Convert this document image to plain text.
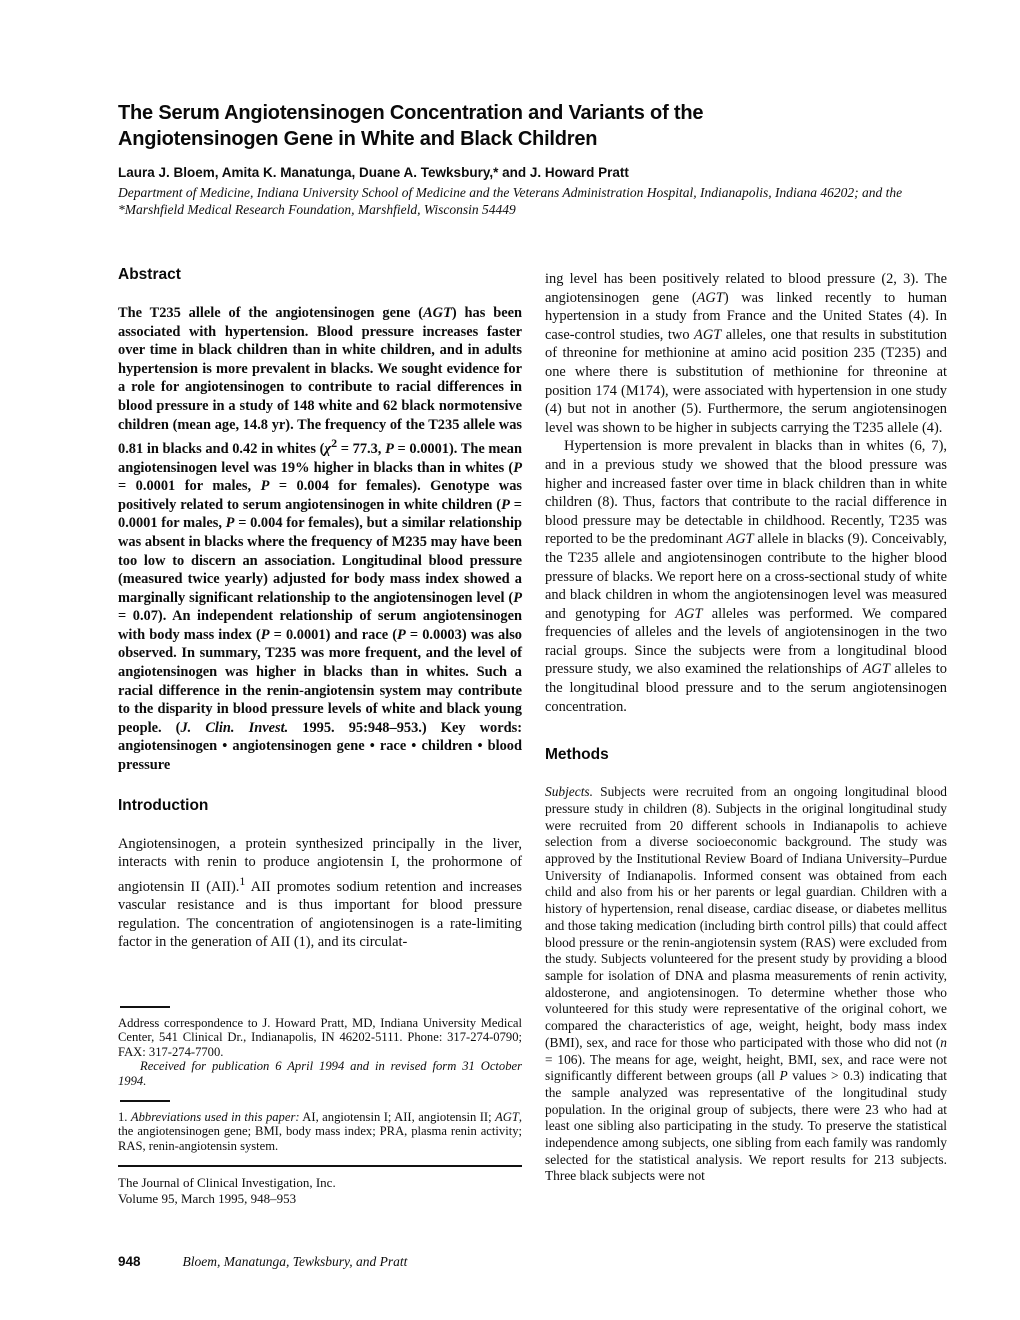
The Serum Angiotensinogen Concentration and Variants of the
Angiotensinogen Gene in White and Black Children
Laura J. Bloem, Amita K. Manatunga, Duane A. Tewksbury,* and J. Howard Pratt
Department of Medicine, Indiana University School of Medicine and the Veterans Administration Hospital, Indianapolis, Indiana 46202; and the *Marshfield Medical Research Foundation, Marshfield, Wisconsin 54449
Abstract

The T235 allele of the angiotensinogen gene (AGT) has been associated with hypertension. Blood pressure increases faster over time in black children than in white children, and in adults hypertension is more prevalent in blacks. We sought evidence for a role for angiotensinogen to contribute to racial differences in blood pressure in a study of 148 white and 62 black normotensive children (mean age, 14.8 yr). The frequency of the T235 allele was 0.81 in blacks and 0.42 in whites ($\chi^2 = 77.3$, P = 0.0001). The mean angiotensinogen level was 19% higher in blacks than in whites (P = 0.0001 for males, P = 0.004 for females). Genotype was positively related to serum angiotensinogen in white children (P = 0.0001 for males, P = 0.004 for females), but a similar relationship was absent in blacks where the frequency of M235 may have been too low to discern an association. Longitudinal blood pressure (measured twice yearly) adjusted for body mass index showed a marginally significant relationship to the angiotensinogen level (P = 0.07). An independent relationship of serum angiotensinogen with body mass index (P = 0.0001) and race (P = 0.0003) was also observed. In summary, T235 was more frequent, and the level of angiotensinogen was higher in blacks than in whites. Such a racial difference in the renin-angiotensin system may contribute to the disparity in blood pressure levels of white and black young people. (J. Clin. Invest. 1995. 95:948–953.) Key words: angiotensinogen • angiotensinogen gene • race • children • blood pressure

Introduction

Angiotensinogen, a protein synthesized principally in the liver, interacts with renin to produce angiotensin I, the prohormone of angiotensin II (AII).$^1$ AII promotes sodium retention and increases vascular resistance and is thus important for blood pressure regulation. The concentration of angiotensinogen is a rate-limiting factor in the generation of AII (1), and its circulat-

ing level has been positively related to blood pressure (2, 3). The angiotensinogen gene (AGT) was linked recently to human hypertension in a study from France and the United States (4). In case-control studies, two AGT alleles, one that results in substitution of threonine for methionine at amino acid position 235 (T235) and one where there is substitution of methionine for threonine at position 174 (M174), were associated with hypertension in one study (4) but not in another (5). Furthermore, the serum angiotensinogen level was shown to be higher in subjects carrying the T235 allele (4).

Hypertension is more prevalent in blacks than in whites (6, 7), and in a previous study we showed that the blood pressure was higher and increased faster over time in black children than in white children (8). Thus, factors that contribute to the racial difference in blood pressure may be detectable in childhood. Recently, T235 was reported to be the predominant AGT allele in blacks (9). Conceivably, the T235 allele and angiotensinogen contribute to the higher blood pressure of blacks. We report here on a cross-sectional study of white and black children in whom the angiotensinogen level was measured and genotyping for AGT alleles was performed. We compared frequencies of alleles and the levels of angiotensinogen in the two racial groups. Since the subjects were from a longitudinal blood pressure study, we also examined the relationships of AGT alleles to the longitudinal blood pressure and to the serum angiotensinogen concentration.

Methods

Subjects. Subjects were recruited from an ongoing longitudinal blood pressure study in children (8). Subjects in the original longitudinal study were recruited from 20 different schools in Indianapolis to achieve selection from a diverse socioeconomic background. The study was approved by the Institutional Review Board of Indiana University–Purdue University of Indianapolis. Informed consent was obtained from each child and also from his or her parents or legal guardian. Children with a history of hypertension, renal disease, cardiac disease, or diabetes mellitus and those taking medication (including birth control pills) that could affect blood pressure or the renin-angiotensin system (RAS) were excluded from the study. Subjects volunteered for the present study by providing a blood sample for isolation of DNA and plasma measurements of renin activity, aldosterone, and angiotensinogen. To determine whether those who volunteered for this study were representative of the original cohort, we compared the characteristics of age, weight, height, body mass index (BMI), sex, and race for those who participated with those who did not (n = 106). The means for age, weight, height, BMI, sex, and race were not significantly different between groups (all P values > 0.3) indicating that the sample analyzed was representative of the longitudinal study population. In the original group of subjects, there were 23 who had at least one sibling also participating in the study. To preserve the statistical independence among subjects, one sibling from each family was randomly selected for the statistical analysis. We report results for 213 subjects. Three black subjects were not

Address correspondence to J. Howard Pratt, MD, Indiana University Medical Center, 541 Clinical Dr., Indianapolis, IN 46202-5111. Phone: 317-274-0790; FAX: 317-274-7700.

Received for publication 6 April 1994 and in revised form 31 October 1994.

1. Abbreviations used in this paper: AI, angiotensin I; AII, angiotensin II; AGT, the angiotensinogen gene; BMI, body mass index; PRA, plasma renin activity; RAS, renin-angiotensin system.

The Journal of Clinical Investigation, Inc.

Volume 95, March 1995, 948–953

948	Bloem, Manatunga, Tewksbury, and Pratt
